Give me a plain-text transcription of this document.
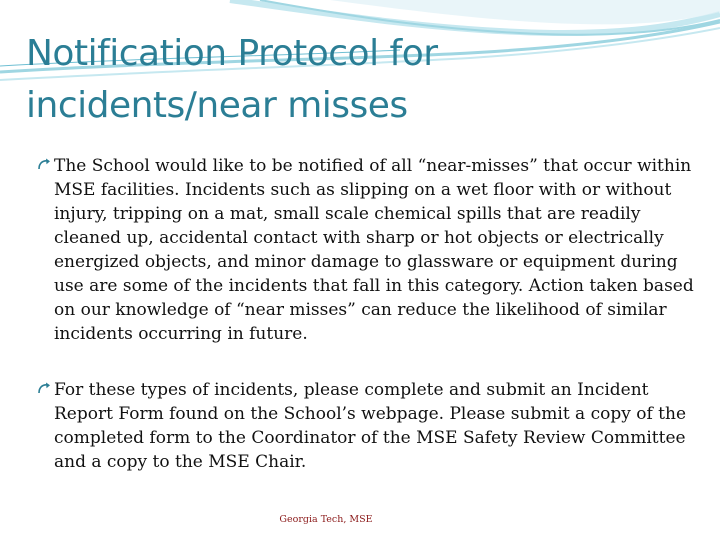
Notification Protocol for incidents/near misses
The School would like to be notified of all “near-misses” that occur within MSE facilities. Incidents such as slipping on a wet floor with or without injury, tripping on a mat, small scale chemical spills that are readily cleaned up, accidental contact with sharp or hot objects or electrically energized objects, and minor damage to glassware or equipment during use are some of the incidents that fall in this category. Action taken based on our knowledge of “near misses” can reduce the likelihood of similar incidents occurring in future.
For these types of incidents, please complete and submit an Incident Report Form found on the School’s webpage. Please submit a copy of the completed form to the Coordinator of the MSE Safety Review Committee and a copy to the MSE Chair.
Georgia Tech, MSE
